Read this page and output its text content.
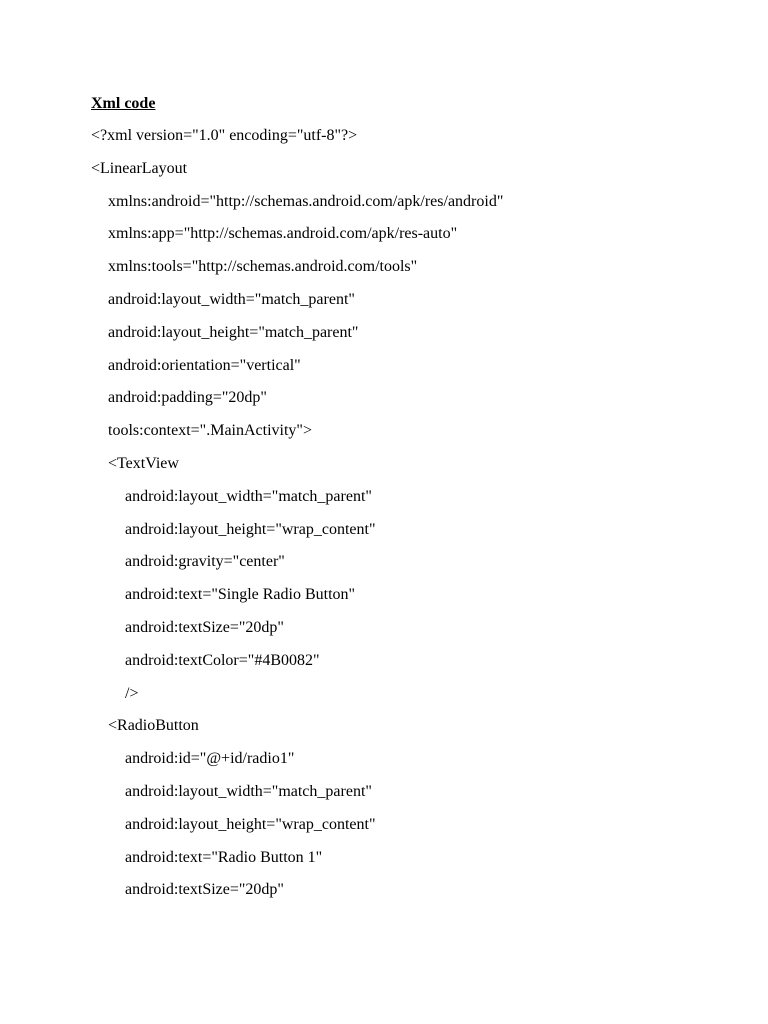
Xml code
<?xml version="1.0" encoding="utf-8"?>
<LinearLayout
xmlns:android="http://schemas.android.com/apk/res/android"
xmlns:app="http://schemas.android.com/apk/res-auto"
xmlns:tools="http://schemas.android.com/tools"
android:layout_width="match_parent"
android:layout_height="match_parent"
android:orientation="vertical"
android:padding="20dp"
tools:context=".MainActivity">
<TextView
android:layout_width="match_parent"
android:layout_height="wrap_content"
android:gravity="center"
android:text="Single Radio Button"
android:textSize="20dp"
android:textColor="#4B0082"
/>
<RadioButton
android:id="@+id/radio1"
android:layout_width="match_parent"
android:layout_height="wrap_content"
android:text="Radio Button 1"
android:textSize="20dp"
